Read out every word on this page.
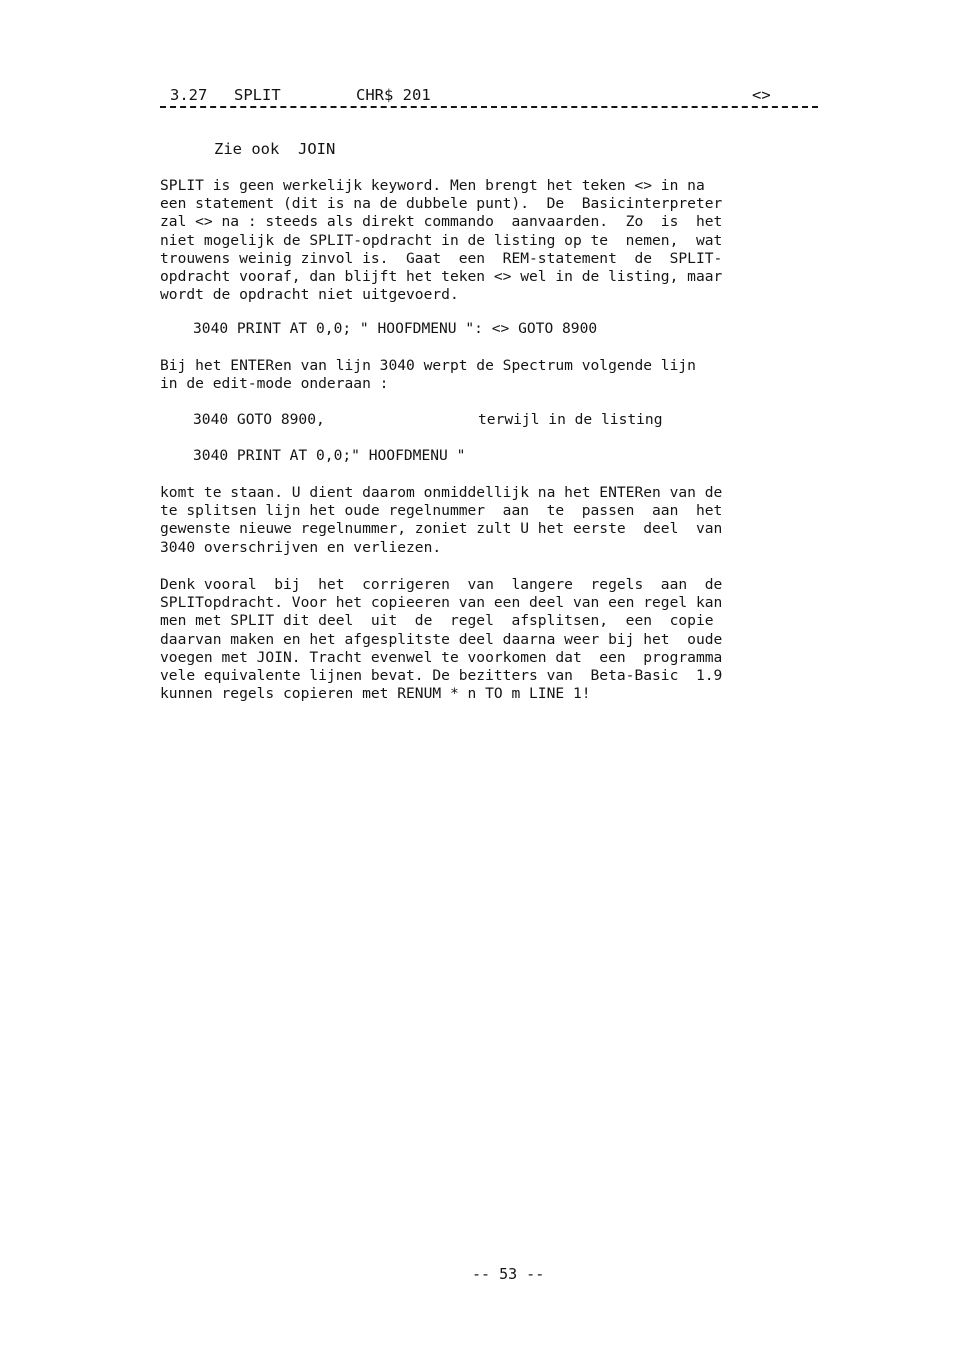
3.27

SPLIT

	CHR$ 201

	<>

Zie ook  JOIN
SPLIT is geen werkelijk keyword. Men brengt het teken <> in na
een statement (dit is na de dubbele punt).  De  Basicinterpreter
zal <> na : steeds als direkt commando  aanvaarden.  Zo  is  het
niet mogelijk de SPLIT-opdracht in de listing op te  nemen,  wat
trouwens weinig zinvol is.  Gaat  een  REM-statement  de  SPLIT-
opdracht vooraf, dan blijft het teken <> wel in de listing, maar
wordt de opdracht niet uitgevoerd.
3040 PRINT AT 0,0; " HOOFDMENU ": <> GOTO 8900
Bij het ENTERen van lijn 3040 werpt de Spectrum volgende lijn
in de edit-mode onderaan :
3040 GOTO 8900,	terwijl in de listing
3040 PRINT AT 0,0;" HOOFDMENU "
komt te staan. U dient daarom onmiddellijk na het ENTERen van de
te splitsen lijn het oude regelnummer  aan  te  passen  aan  het
gewenste nieuwe regelnummer, zoniet zult U het eerste  deel  van
3040 overschrijven en verliezen.
Denk vooral  bij  het  corrigeren  van  langere  regels  aan  de
SPLITopdracht. Voor het copieeren van een deel van een regel kan
men met SPLIT dit deel  uit  de  regel  afsplitsen,  een  copie
daarvan maken en het afgesplitste deel daarna weer bij het  oude
voegen met JOIN. Tracht evenwel te voorkomen dat  een  programma
vele equivalente lijnen bevat. De bezitters van  Beta-Basic  1.9
kunnen regels copieren met RENUM * n TO m LINE 1!
-- 53 --
